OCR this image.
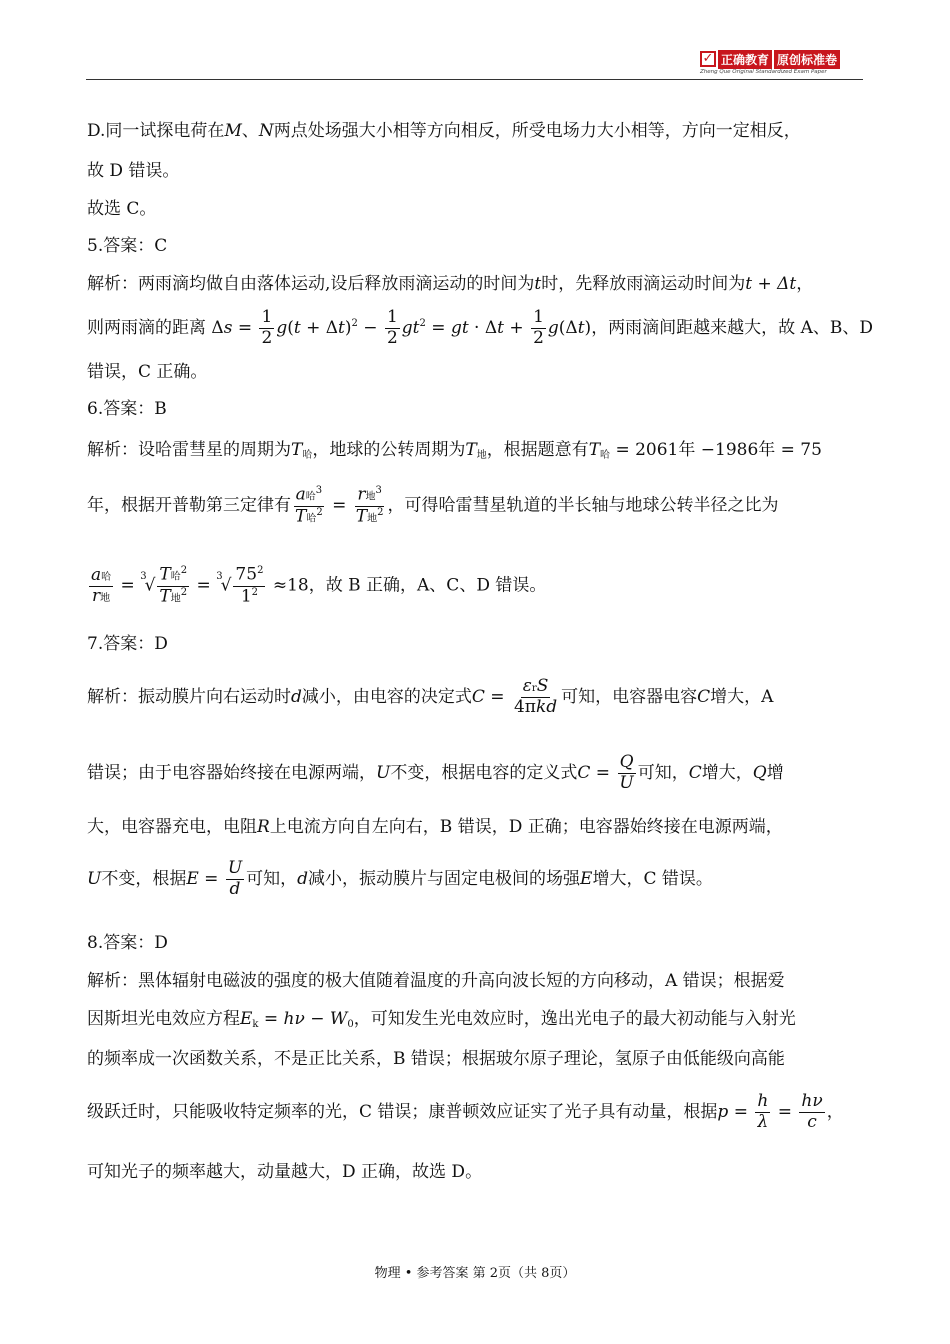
✓ 正确教育 原创标准卷
Zheng Que Original Standardized Exam Paper
D.同一试探电荷在M、N两点处场强大小相等方向相反，所受电场力大小相等，方向一定相反，
故 D 错误。
故选 C。
5.答案：C
解析：两雨滴均做自由落体运动,设后释放雨滴运动的时间为t时，先释放雨滴运动时间为t + Δt，
则两雨滴的距离 $\Delta s = \frac{1}{2} g(t + \Delta t)^2 - \frac{1}{2} gt^2$ = gt · $\Delta t + \frac{1}{2} g(\Delta t)$，两雨滴间距越来越大，故 A、B、D
错误，C 正确。
6.答案：B
解析：设哈雷彗星的周期为$T_哈$，地球的公转周期为$T_地$，根据题意有$T_哈 = 2061$年 −1986年 = 75
年，根据开普勒第三定律有 $\frac{a哈^3}{T哈^2} = \frac{r地^3}{T地^2}$ ，可得哈雷彗星轨道的半长轴与地球公转半径之比为
$\frac{\text{a哈}}{\text{r地}} = ^3√ \frac{T哈^2}{T地^2} = ^3√ \frac{75^2}{1^2} \approx 18$，故 B 正确，A、C、D 错误。
7.答案：D
解析：振动膜片向右运动时d减小，由电容的决定式$C = \frac{\text{εrS}}{\text{4πkd}}$ 可知，电容器电容C增大，A
错误；由于电容器始终接在电源两端，U不变，根据电容的定义式$C = \frac{Q}{U}$ 可知，C增大，Q增
大，电容器充电，电阻R上电流方向自左向右，B 错误，D 正确；电容器始终接在电源两端，
U不变，根据$E = \frac{U}{d}$ 可知，d减小，振动膜片与固定电极间的场强E增大，C 错误。
8.答案：D
解析：黑体辐射电磁波的强度的极大值随着温度的升高向波长短的方向移动，A 错误；根据爱
因斯坦光电效应方程$E_k = h\nu - W_0$，可知发生光电效应时，逸出光电子的最大初动能与入射光
的频率成一次函数关系，不是正比关系，B 错误；根据玻尔原子理论，氢原子由低能级向高能
级跃迁时，只能吸收特定频率的光，C 错误；康普顿效应证实了光子具有动量，根据$p = \frac{h}{\lambda} = \frac{h\nu}{c}$ ，
可知光子的频率越大，动量越大，D 正确，故选 D。
物理 • 参考答案 第 2页（共 8页）
